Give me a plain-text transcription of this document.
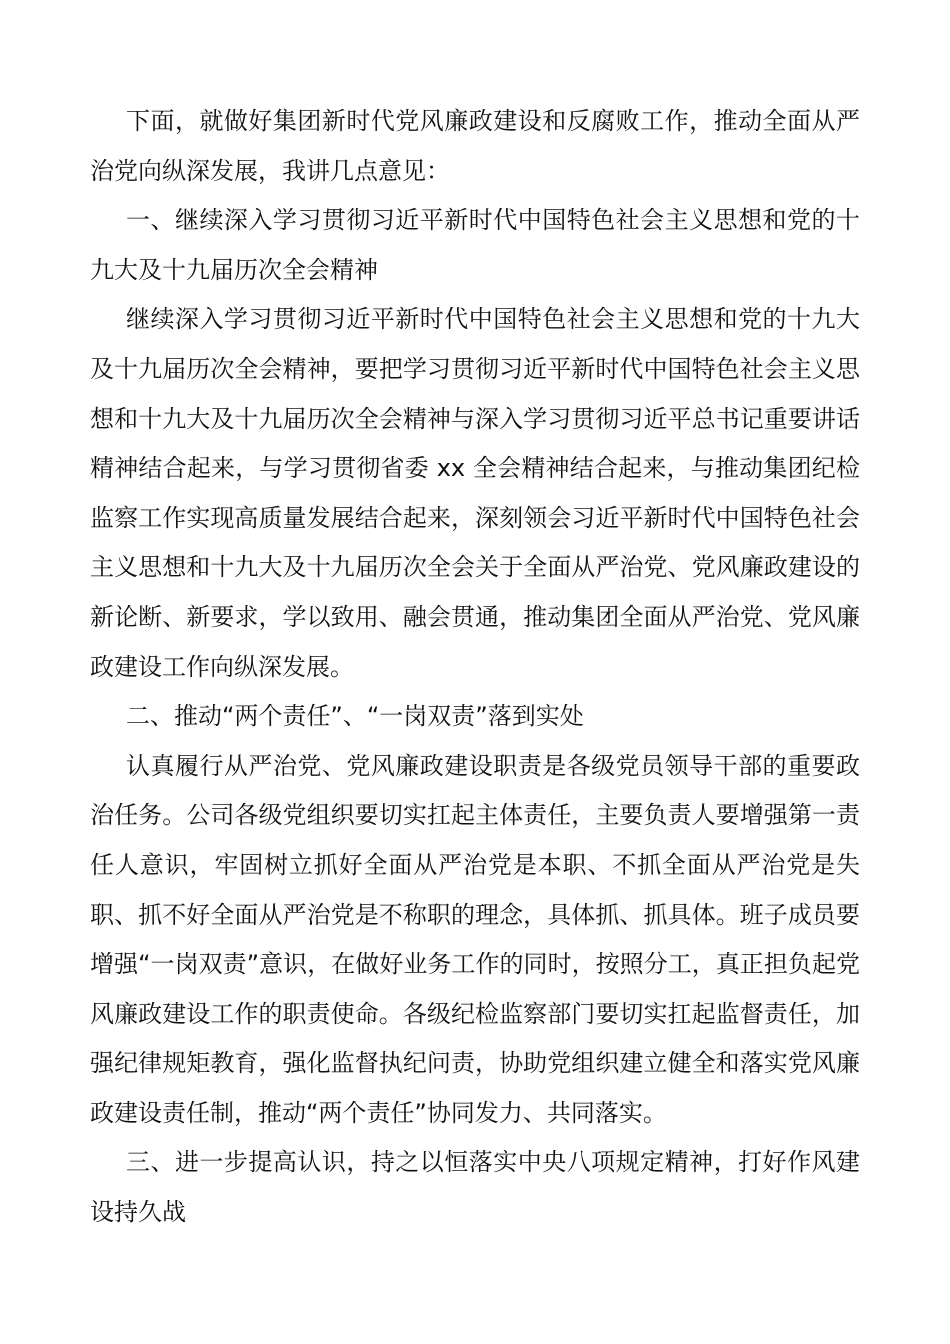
下面，就做好集团新时代党风廉政建设和反腐败工作，推动全面从严治党向纵深发展，我讲几点意见：

一、继续深入学习贯彻习近平新时代中国特色社会主义思想和党的十九大及十九届历次全会精神

继续深入学习贯彻习近平新时代中国特色社会主义思想和党的十九大及十九届历次全会精神，要把学习贯彻习近平新时代中国特色社会主义思想和十九大及十九届历次全会精神与深入学习贯彻习近平总书记重要讲话精神结合起来，与学习贯彻省委 xx 全会精神结合起来，与推动集团纪检监察工作实现高质量发展结合起来，深刻领会习近平新时代中国特色社会主义思想和十九大及十九届历次全会关于全面从严治党、党风廉政建设的新论断、新要求，学以致用、融会贯通，推动集团全面从严治党、党风廉政建设工作向纵深发展。

二、推动“两个责任”、“一岗双责”落到实处

认真履行从严治党、党风廉政建设职责是各级党员领导干部的重要政治任务。公司各级党组织要切实扛起主体责任，主要负责人要增强第一责任人意识，牢固树立抓好全面从严治党是本职、不抓全面从严治党是失职、抓不好全面从严治党是不称职的理念，具体抓、抓具体。班子成员要增强“一岗双责”意识，在做好业务工作的同时，按照分工，真正担负起党风廉政建设工作的职责使命。各级纪检监察部门要切实扛起监督责任，加强纪律规矩教育，强化监督执纪问责，协助党组织建立健全和落实党风廉政建设责任制，推动“两个责任”协同发力、共同落实。

三、进一步提高认识，持之以恒落实中央八项规定精神，打好作风建设持久战
